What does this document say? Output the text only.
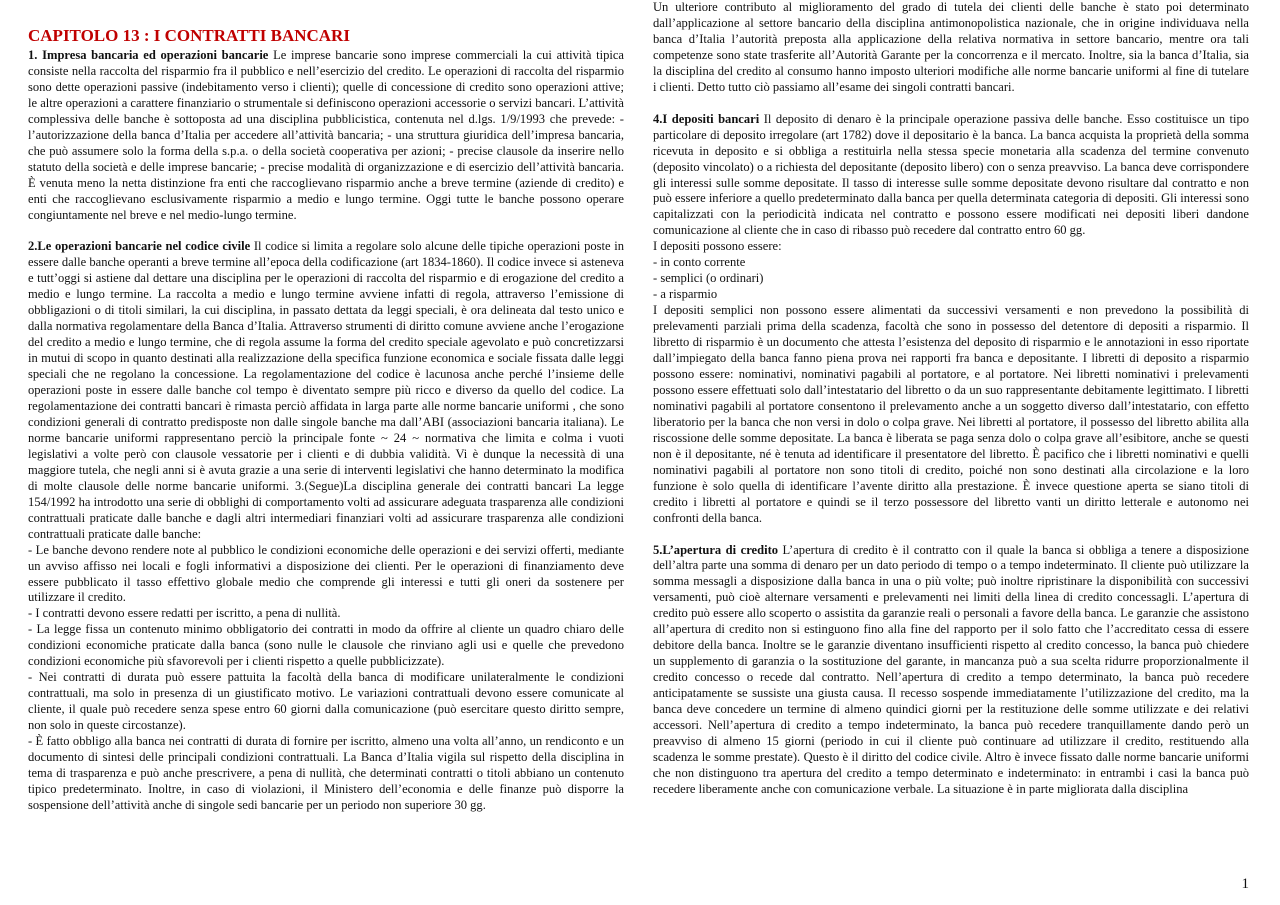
CAPITOLO 13 : I CONTRATTI BANCARI

1. Impresa bancaria ed operazioni bancarie Le imprese bancarie sono imprese commerciali la cui attività tipica consiste nella raccolta del risparmio fra il pubblico e nell’esercizio del credito. Le operazioni di raccolta del risparmio sono dette operazioni passive (indebitamento verso i clienti); quelle di concessione di credito sono operazioni attive; le altre operazioni a carattere finanziario o strumentale si definiscono operazioni accessorie o servizi bancari. L’attività complessiva delle banche è sottoposta ad una disciplina pubblicistica, contenuta nel d.lgs. 1/9/1993 che prevede: - l’autorizzazione della banca d’Italia per accedere all’attività bancaria; - una struttura giuridica dell’impresa bancaria, che può assumere solo la forma della s.p.a. o della società cooperativa per azioni; - precise clausole da inserire nello statuto della società e delle imprese bancarie; - precise modalità di organizzazione e di esercizio dell’attività bancaria. È venuta meno la netta distinzione fra enti che raccoglievano risparmio anche a breve termine (aziende di credito) e enti che raccoglievano esclusivamente risparmio a medio e lungo termine. Oggi tutte le banche possono operare congiuntamente nel breve e nel medio-lungo termine.

2.Le operazioni bancarie nel codice civile Il codice si limita a regolare solo alcune delle tipiche operazioni poste in essere dalle banche operanti a breve termine all’epoca della codificazione (art 1834-1860). Il codice invece si asteneva e tutt’oggi si astiene dal dettare una disciplina per le operazioni di raccolta del risparmio e di erogazione del credito a medio e lungo termine. La raccolta a medio e lungo termine avviene infatti di regola, attraverso l’emissione di obbligazioni o di titoli similari, la cui disciplina, in passato dettata da leggi speciali, è ora delineata dal testo unico e dalla normativa regolamentare della Banca d’Italia. Attraverso strumenti di diritto comune avviene anche l’erogazione del credito a medio e lungo termine, che di regola assume la forma del credito speciale agevolato e può concretizzarsi in mutui di scopo in quanto destinati alla realizzazione della specifica funzione economica e sociale fissata dalle leggi speciali che ne regolano la concessione. La regolamentazione del codice è lacunosa anche perché l’insieme delle operazioni poste in essere dalle banche col tempo è diventato sempre più ricco e diverso da quello del codice. La regolamentazione dei contratti bancari è rimasta perciò affidata in larga parte alle norme bancarie uniformi , che sono condizioni generali di contratto predisposte non dalle singole banche ma dall’ABI (associazioni bancaria italiana). Le norme bancarie uniformi rappresentano perciò la principale fonte ~ 24 ~ normativa che limita e colma i vuoti legislativi a volte però con clausole vessatorie per i clienti e di dubbia validità. Vi è dunque la necessità di una maggiore tutela, che negli anni si è avuta grazie a una serie di interventi legislativi che hanno determinato la modifica di molte clausole delle norme bancarie uniformi. 3.(Segue)La disciplina generale dei contratti bancari La legge 154/1992 ha introdotto una serie di obblighi di comportamento volti ad assicurare adeguata trasparenza alle condizioni contrattuali praticate dalle banche e dagli altri intermediari finanziari volti ad assicurare trasparenza alle condizioni contrattuali praticate dalle banche:

- Le banche devono rendere note al pubblico le condizioni economiche delle operazioni e dei servizi offerti, mediante un avviso affisso nei locali e fogli informativi a disposizione dei clienti. Per le operazioni di finanziamento deve essere pubblicato il tasso effettivo globale medio che comprende gli interessi e tutti gli oneri da sostenere per utilizzare il credito.

- I contratti devono essere redatti per iscritto, a pena di nullità.

- La legge fissa un contenuto minimo obbligatorio dei contratti in modo da offrire al cliente un quadro chiaro delle condizioni economiche praticate dalla banca (sono nulle le clausole che rinviano agli usi e quelle che prevedono condizioni economiche più sfavorevoli per i clienti rispetto a quelle pubblicizzate).

- Nei contratti di durata può essere pattuita la facoltà della banca di modificare unilateralmente le condizioni contrattuali, ma solo in presenza di un giustificato motivo. Le variazioni contrattuali devono essere comunicate al cliente, il quale può recedere senza spese entro 60 giorni dalla comunicazione (può esercitare questo diritto sempre, non solo in queste circostanze).

- È fatto obbligo alla banca nei contratti di durata di fornire per iscritto, almeno una volta all’anno, un rendiconto e un documento di sintesi delle principali condizioni contrattuali. La Banca d’Italia vigila sul rispetto della disciplina in tema di trasparenza e può anche prescrivere, a pena di nullità, che determinati contratti o titoli abbiano un contenuto tipico predeterminato. Inoltre, in caso di violazioni, il Ministero dell’economia e delle finanze può disporre la sospensione dell’attività anche di singole sedi bancarie per un periodo non superiore 30 gg.

Un ulteriore contributo al miglioramento del grado di tutela dei clienti delle banche è stato poi determinato dall’applicazione al settore bancario della disciplina antimonopolistica nazionale, che in origine individuava nella banca d’Italia l’autorità preposta alla applicazione della relativa normativa in settore bancario, mentre ora tali competenze sono state trasferite all’Autorità Garante per la concorrenza e il mercato. Inoltre, sia la banca d’Italia, sia la disciplina del credito al consumo hanno imposto ulteriori modifiche alle norme bancarie uniformi al fine di tutelare i clienti. Detto tutto ciò passiamo all’esame dei singoli contratti bancari.

4.I depositi bancari Il deposito di denaro è la principale operazione passiva delle banche. Esso costituisce un tipo particolare di deposito irregolare (art 1782) dove il depositario è la banca. La banca acquista la proprietà della somma ricevuta in deposito e si obbliga a restituirla nella stessa specie monetaria alla scadenza del termine convenuto (deposito vincolato) o a richiesta del depositante (deposito libero) con o senza preavviso. La banca deve corrispondere gli interessi sulle somme depositate. Il tasso di interesse sulle somme depositate devono risultare dal contratto e non può essere inferiore a quello predeterminato dalla banca per quella determinata categoria di depositi. Gli interessi sono capitalizzati con la periodicità indicata nel contratto e possono essere modificati nei depositi liberi dandone comunicazione al cliente che in caso di ribasso può recedere dal contratto entro 60 gg.

I depositi possono essere:

- in conto corrente

- semplici (o ordinari)

- a risparmio

I depositi semplici non possono essere alimentati da successivi versamenti e non prevedono la possibilità di prelevamenti parziali prima della scadenza, facoltà che sono in possesso del detentore di depositi a risparmio. Il libretto di risparmio è un documento che attesta l’esistenza del deposito di risparmio e le annotazioni in esso riportate dall’impiegato della banca fanno piena prova nei rapporti fra banca e depositante. I libretti di deposito a risparmio possono essere: nominativi, nominativi pagabili al portatore, e al portatore. Nei libretti nominativi i prelevamenti possono essere effettuati solo dall’intestatario del libretto o da un suo rappresentante debitamente legittimato. I libretti nominativi pagabili al portatore consentono il prelevamento anche a un soggetto diverso dall’intestatario, con effetto liberatorio per la banca che non versi in dolo o colpa grave. Nei libretti al portatore, il possesso del libretto abilita alla riscossione delle somme depositate. La banca è liberata se paga senza dolo o colpa grave all’esibitore, anche se questi non è il depositante, né è tenuta ad identificare il presentatore del libretto. È pacifico che i libretti nominativi e quelli nominativi pagabili al portatore non sono titoli di credito, poiché non sono destinati alla circolazione e la loro funzione è solo quella di identificare l’avente diritto alla prestazione. È invece questione aperta se siano titoli di credito i libretti al portatore e quindi se il terzo possessore del libretto vanti un diritto letterale e autonomo nei confronti della banca.

5.L’apertura di credito L’apertura di credito è il contratto con il quale la banca si obbliga a tenere a disposizione dell’altra parte una somma di denaro per un dato periodo di tempo o a tempo indeterminato. Il cliente può utilizzare la somma messagli a disposizione dalla banca in una o più volte; può inoltre ripristinare la disponibilità con successivi versamenti, può cioè alternare versamenti e prelevamenti nei limiti della linea di credito concessagli. L’apertura di credito può essere allo scoperto o assistita da garanzie reali o personali a favore della banca. Le garanzie che assistono all’apertura di credito non si estinguono fino alla fine del rapporto per il solo fatto che l’accreditato cessa di essere debitore della banca. Inoltre se le garanzie diventano insufficienti rispetto al credito concesso, la banca può chiedere un supplemento di garanzia o la sostituzione del garante, in mancanza può a sua scelta ridurre proporzionalmente il credito concesso o recede dal contratto. Nell’apertura di credito a tempo determinato, la banca può recedere anticipatamente se sussiste una giusta causa. Il recesso sospende immediatamente l’utilizzazione del credito, ma la banca deve concedere un termine di almeno quindici giorni per la restituzione delle somme utilizzate e dei relativi accessori. Nell’apertura di credito a tempo indeterminato, la banca può recedere tranquillamente dando però un preavviso di almeno 15 giorni (periodo in cui il cliente può continuare ad utilizzare il credito, restituendo alla scadenza le somme prestate). Questo è il diritto del codice civile. Altro è invece fissato dalle norme bancarie uniformi che non distinguono tra apertura del credito a tempo determinato e indeterminato: in entrambi i casi la banca può recedere liberamente anche con comunicazione verbale. La situazione è in parte migliorata dalla disciplina

1
